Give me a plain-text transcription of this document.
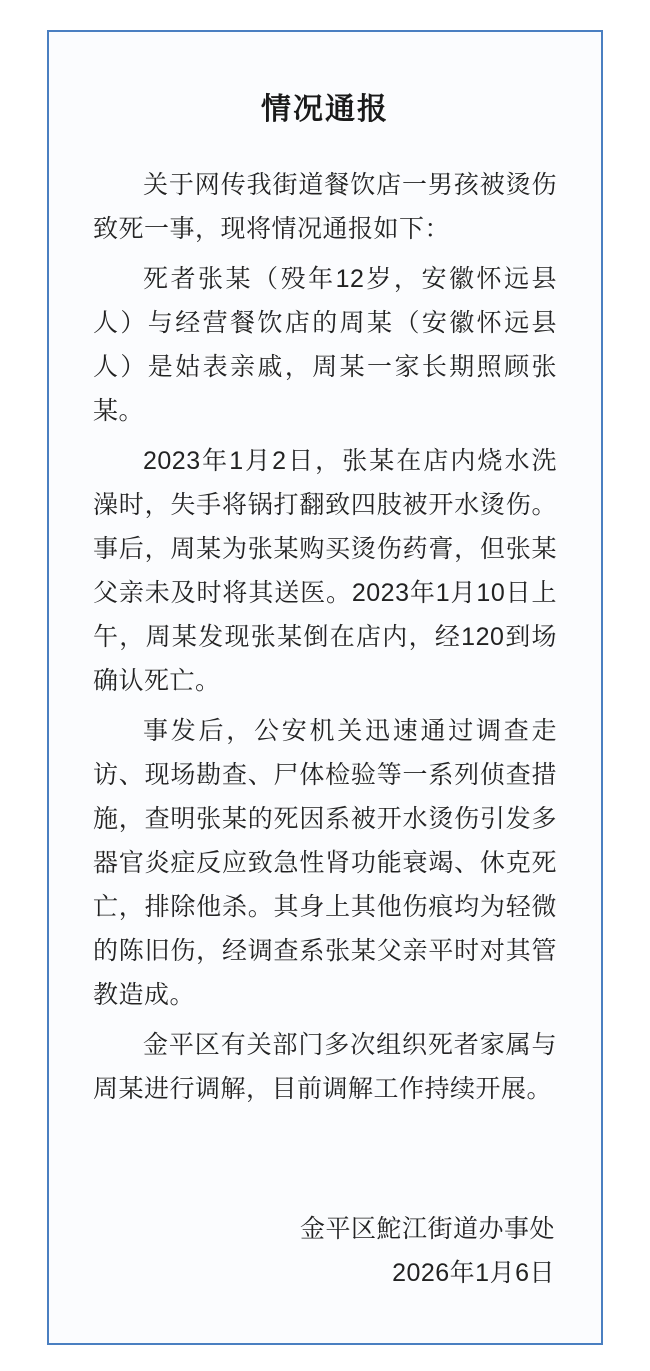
情况通报

关于网传我街道餐饮店一男孩被烫伤致死一事，现将情况通报如下：

死者张某（殁年12岁，安徽怀远县人）与经营餐饮店的周某（安徽怀远县人）是姑表亲戚，周某一家长期照顾张某。

2023年1月2日，张某在店内烧水洗澡时，失手将锅打翻致四肢被开水烫伤。事后，周某为张某购买烫伤药膏，但张某父亲未及时将其送医。2023年1月10日上午，周某发现张某倒在店内，经120到场确认死亡。

事发后，公安机关迅速通过调查走访、现场勘查、尸体检验等一系列侦查措施，查明张某的死因系被开水烫伤引发多器官炎症反应致急性肾功能衰竭、休克死亡，排除他杀。其身上其他伤痕均为轻微的陈旧伤，经调查系张某父亲平时对其管教造成。

金平区有关部门多次组织死者家属与周某进行调解，目前调解工作持续开展。

金平区鮀江街道办事处
2026年1月6日
